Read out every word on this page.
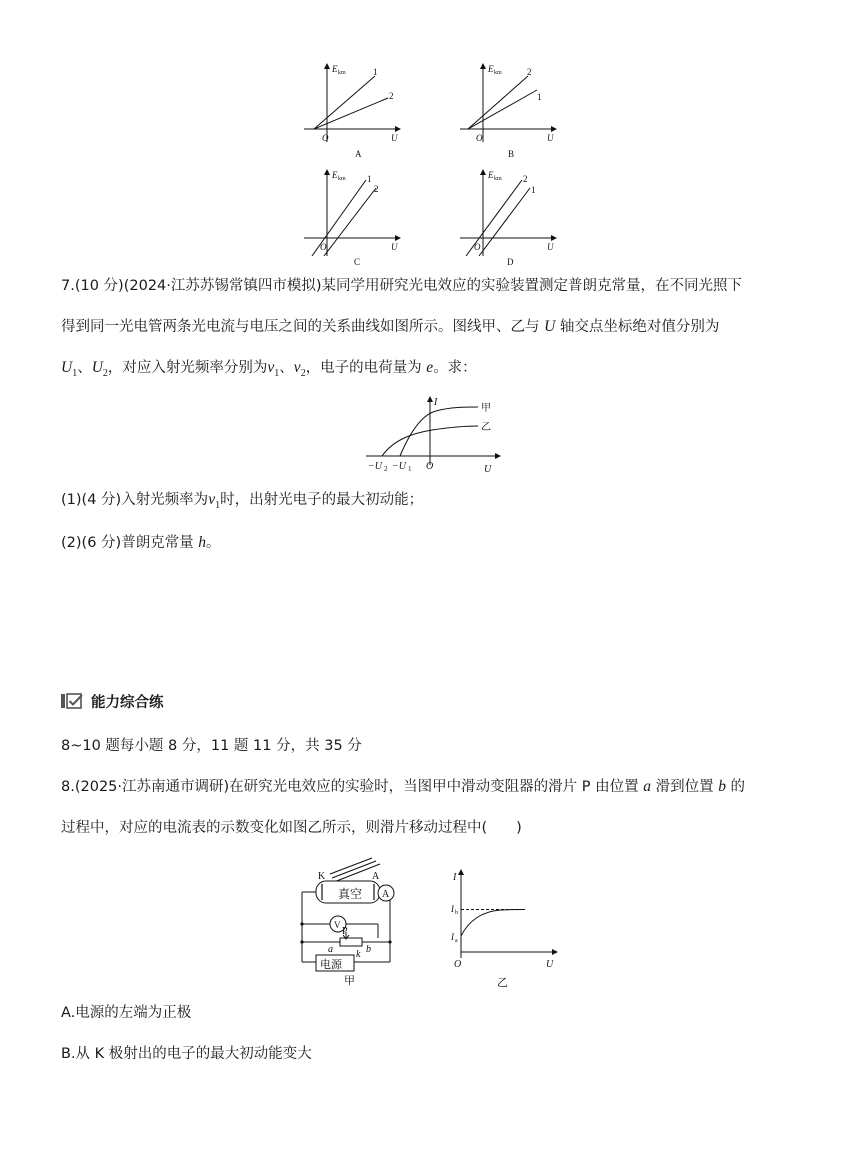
E km	1
2
O	U
A
E km	2
1
O	U
B
E km 1
2
O	U
C
E km 2
1
O	U
D
7.(10 分)(2024·江苏苏锡常镇四市模拟)某同学用研究光电效应的实验装置测定普朗克常量，在不同光照下
得到同一光电管两条光电流与电压之间的关系曲线如图所示。图线甲、乙与 U 轴交点坐标绝对值分别为
$U_1$、$U_2$，对应入射光频率分别为$\nu_1$、$\nu_2$，电子的电荷量为 e。求：
I
甲
乙
O	U
−U 2 −U 1
(1)(4 分)入射光频率为$\nu_1$时，出射光电子的最大初动能；
(2)(6 分)普朗克常量 h。
能力综合练
8~10 题每小题 8 分，11 题 11 分，共 35 分
8.(2025·江苏南通市调研)在研究光电效应的实验时，当图甲中滑动变阻器的滑片 P 由位置 a 滑到位置 b 的
过程中，对应的电流表的示数变化如图乙所示，则滑片移动过程中(　　)
真空
K	A
A
V
P
a	b
k
电源
甲
I
I b
I a
O	U
乙
A.电源的左端为正极
B.从 K 极射出的电子的最大初动能变大
